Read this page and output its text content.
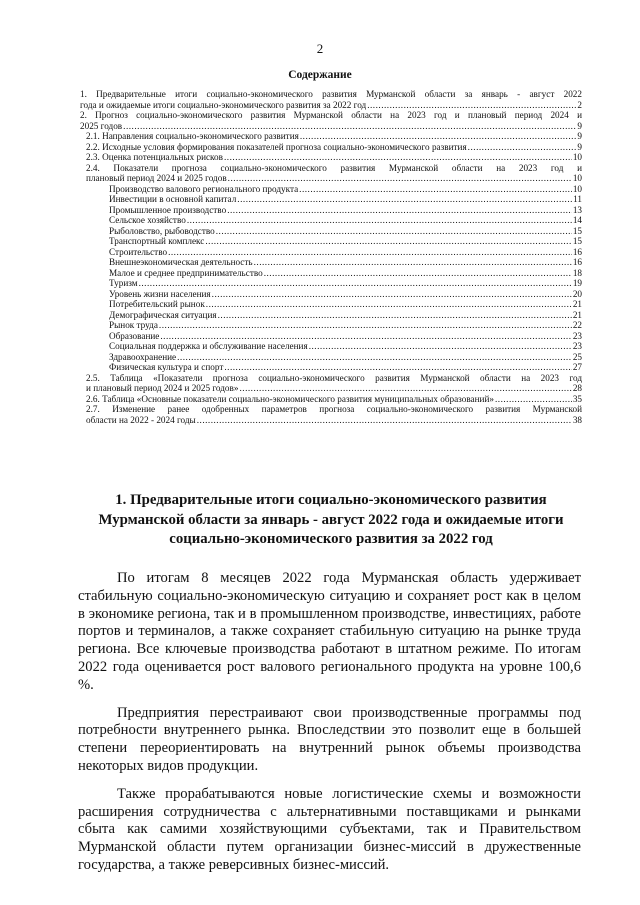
2
Содержание
1. Предварительные итоги социально-экономического развития Мурманской области за январь - август 2022
года и ожидаемые итоги социально-экономического развития за 2022 год .....	2
2. Прогноз социально-экономического развития Мурманской области на 2023 год и плановый период 2024 и
2025 годов .....	9
2.1. Направления социально-экономического развития .....	9
2.2. Исходные условия формирования показателей прогноза социально-экономического развития .....	9
2.3. Оценка потенциальных рисков .....	10
2.4. Показатели прогноза социально-экономического развития Мурманской области на 2023 год и
плановый период 2024 и 2025 годов .....	10
Производство валового регионального продукта .....	10
Инвестиции в основной капитал .....	11
Промышленное производство .....	13
Сельское хозяйство .....	14
Рыболовство, рыбоводство .....	15
Транспортный комплекс .....	15
Строительство .....	16
Внешнеэкономическая деятельность .....	16
Малое и среднее предпринимательство .....	18
Туризм .....	19
Уровень жизни населения .....	20
Потребительский рынок .....	21
Демографическая ситуация .....	21
Рынок труда .....	22
Образование .....	23
Социальная поддержка и обслуживание населения .....	23
Здравоохранение .....	25
Физическая культура и спорт .....	27
2.5. Таблица «Показатели прогноза социально-экономического развития Мурманской области на 2023 год
и плановый период 2024 и 2025 годов» .....	28
2.6. Таблица «Основные показатели социально-экономического развития муниципальных образований» .....	35
2.7. Изменение ранее одобренных параметров прогноза социально-экономического развития Мурманской
области на 2022 - 2024 годы .....	38
1. Предварительные итоги социально-экономического развития
Мурманской области за январь - август 2022 года и ожидаемые итоги
социально-экономического развития за 2022 год

По итогам 8 месяцев 2022 года Мурманская область удерживает стабильную социально-экономическую ситуацию и сохраняет рост как в целом в экономике региона, так и в промышленном производстве, инвестициях, работе портов и терминалов, а также сохраняет стабильную ситуацию на рынке труда региона. Все ключевые производства работают в штатном режиме. По итогам 2022 года оценивается рост валового регионального продукта на уровне 100,6 %.

Предприятия перестраивают свои производственные программы под потребности внутреннего рынка. Впоследствии это позволит еще в большей степени переориентировать на внутренний рынок объемы производства некоторых видов продукции.

Также прорабатываются новые логистические схемы и возможности расширения сотрудничества с альтернативными поставщиками и рынками сбыта как самими хозяйствующими субъектами, так и Правительством Мурманской области путем организации бизнес-миссий в дружественные государства, а также реверсивных бизнес-миссий.
